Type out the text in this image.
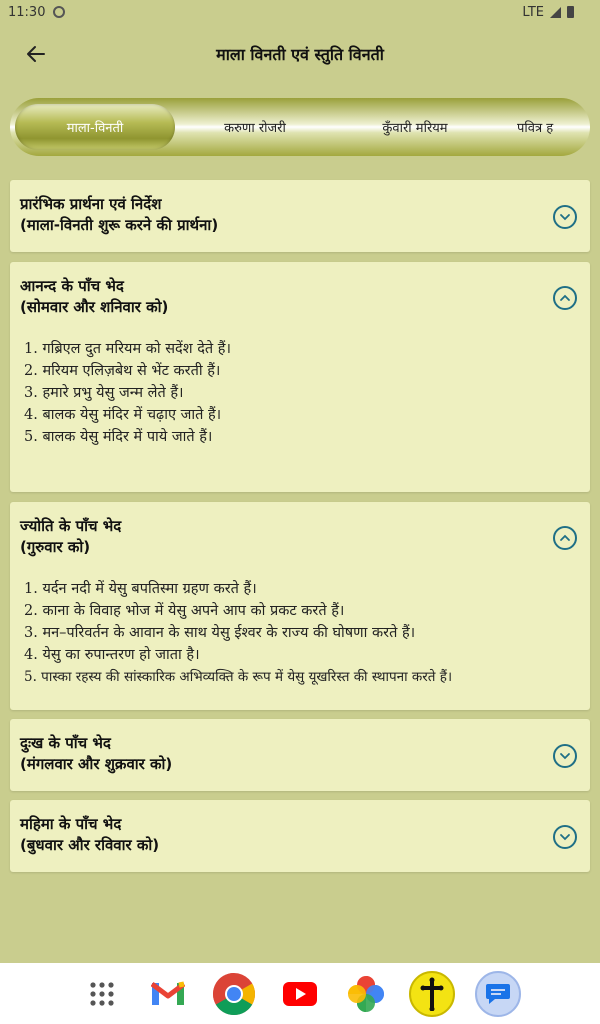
11:30	LTE
माला विनती एवं स्तुति विनती
माला-विनती	करुणा रोजरी	कुँवारी मरियम	पवित्र ह
प्रारंभिक प्रार्थना एवं निर्देश
(माला-विनती शुरू करने की प्रार्थना)
आनन्द के पाँच भेद
(सोमवार और शनिवार को)
1. गब्रिएल दुत मरियम को सदेंश देते हैं।
2. मरियम एलिज़बेथ से भेंट करती हैं।
3. हमारे प्रभु येसु जन्म लेते हैं।
4. बालक येसु मंदिर में चढ़ाए जाते हैं।
5. बालक येसु मंदिर में पाये जाते हैं।
ज्योति के पाँच भेद
(गुरुवार को)
1. यर्दन नदी में येसु बपतिस्मा ग्रहण करते हैं।
2. काना के विवाह भोज में येसु अपने आप को प्रकट करते हैं।
3. मन–परिवर्तन के आवान के साथ येसु ईश्वर के राज्य की घोषणा करते हैं।
4. येसु का रुपान्तरण हो जाता है।
5. पास्का रहस्य की सांस्कारिक अभिव्यक्ति के रूप में येसु यूखरिस्त की स्थापना करते हैं।
दुःख के पाँच भेद
(मंगलवार और शुक्रवार को)
महिमा के पाँच भेद
(बुधवार और रविवार को)
